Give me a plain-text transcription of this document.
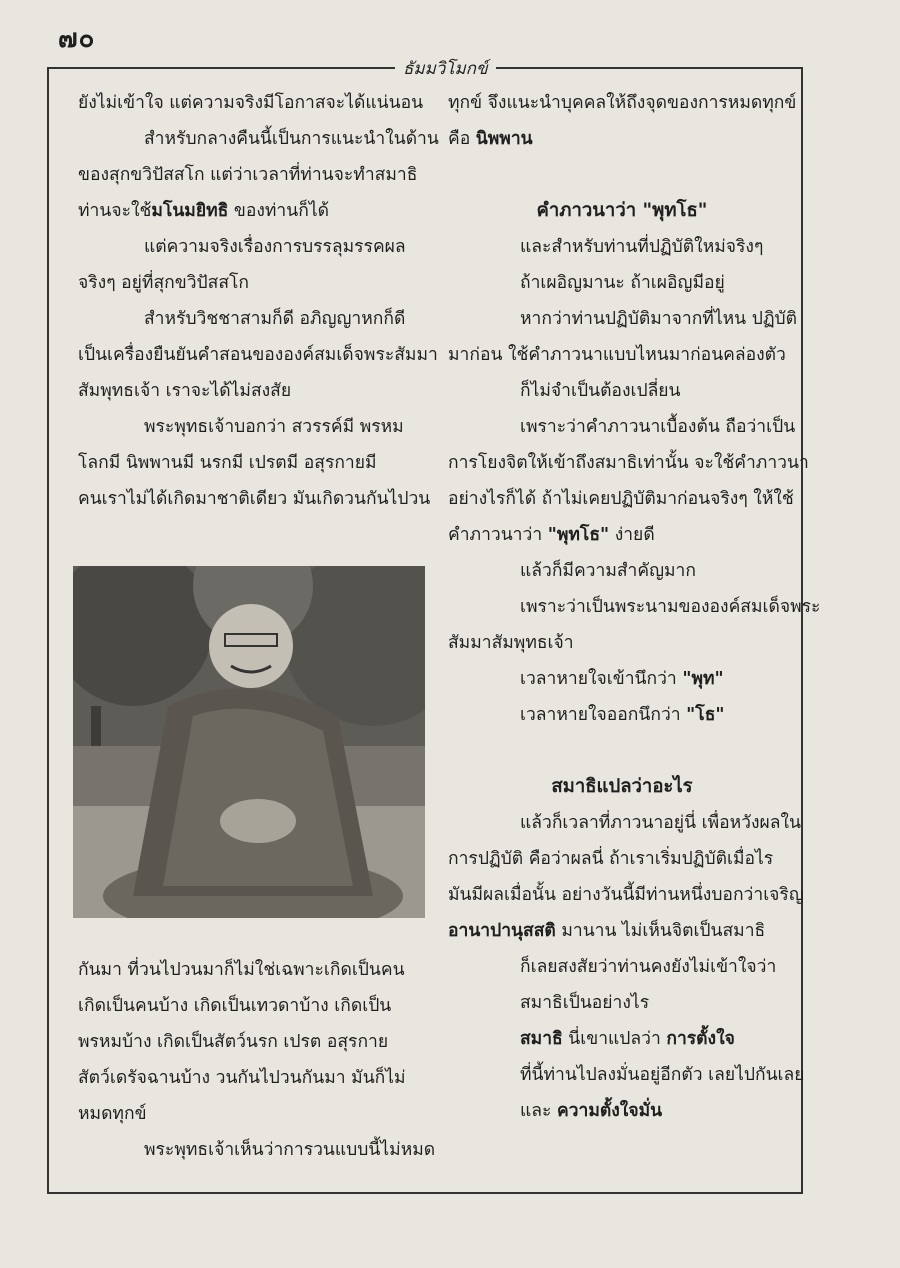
๗๐
ธัมมวิโมกข์
ยังไม่เข้าใจ แต่ความจริงมีโอกาสจะได้แน่นอน
สำหรับกลางคืนนี้เป็นการแนะนำในด้าน
ของสุกขวิปัสสโก แต่ว่าเวลาที่ท่านจะทำสมาธิ
ท่านจะใช้มโนมยิทธิ ของท่านก็ได้
แต่ความจริงเรื่องการบรรลุมรรคผล
จริงๆ อยู่ที่สุกขวิปัสสโก
สำหรับวิชชาสามก็ดี อภิญญาหกก็ดี
เป็นเครื่องยืนยันคำสอนขององค์สมเด็จพระสัมมา
สัมพุทธเจ้า เราจะได้ไม่สงสัย
พระพุทธเจ้าบอกว่า สวรรค์มี พรหม
โลกมี นิพพานมี นรกมี เปรตมี อสุรกายมี
คนเราไม่ได้เกิดมาชาติเดียว มันเกิดวนกันไปวน
กันมา ที่วนไปวนมาก็ไม่ใช่เฉพาะเกิดเป็นคน
เกิดเป็นคนบ้าง เกิดเป็นเทวดาบ้าง เกิดเป็น
พรหมบ้าง เกิดเป็นสัตว์นรก เปรต อสุรกาย
สัตว์เดรัจฉานบ้าง วนกันไปวนกันมา มันก็ไม่
หมดทุกข์
พระพุทธเจ้าเห็นว่าการวนแบบนี้ไม่หมด
ทุกข์ จึงแนะนำบุคคลให้ถึงจุดของการหมดทุกข์
คือ นิพพาน
คำภาวนาว่า "พุทโธ"
และสำหรับท่านที่ปฏิบัติใหม่จริงๆ
ถ้าเผอิญมานะ ถ้าเผอิญมีอยู่
หากว่าท่านปฏิบัติมาจากที่ไหน ปฏิบัติ
มาก่อน ใช้คำภาวนาแบบไหนมาก่อนคล่องตัว
ก็ไม่จำเป็นต้องเปลี่ยน
เพราะว่าคำภาวนาเบื้องต้น ถือว่าเป็น
การโยงจิตให้เข้าถึงสมาธิเท่านั้น จะใช้คำภาวนา
อย่างไรก็ได้ ถ้าไม่เคยปฏิบัติมาก่อนจริงๆ ให้ใช้
คำภาวนาว่า "พุทโธ" ง่ายดี
แล้วก็มีความสำคัญมาก
เพราะว่าเป็นพระนามขององค์สมเด็จพระ
สัมมาสัมพุทธเจ้า
เวลาหายใจเข้านึกว่า "พุท"
เวลาหายใจออกนึกว่า "โธ"
สมาธิแปลว่าอะไร
แล้วก็เวลาที่ภาวนาอยู่นี่ เพื่อหวังผลใน
การปฏิบัติ คือว่าผลนี่ ถ้าเราเริ่มปฏิบัติเมื่อไร
มันมีผลเมื่อนั้น อย่างวันนี้มีท่านหนึ่งบอกว่าเจริญ
อานาปานุสสติ มานาน ไม่เห็นจิตเป็นสมาธิ
ก็เลยสงสัยว่าท่านคงยังไม่เข้าใจว่า
สมาธิเป็นอย่างไร
สมาธิ นี่เขาแปลว่า การตั้งใจ
ที่นี้ท่านไปลงมั่นอยู่อีกตัว เลยไปกันเลย
และ ความตั้งใจมั่น
